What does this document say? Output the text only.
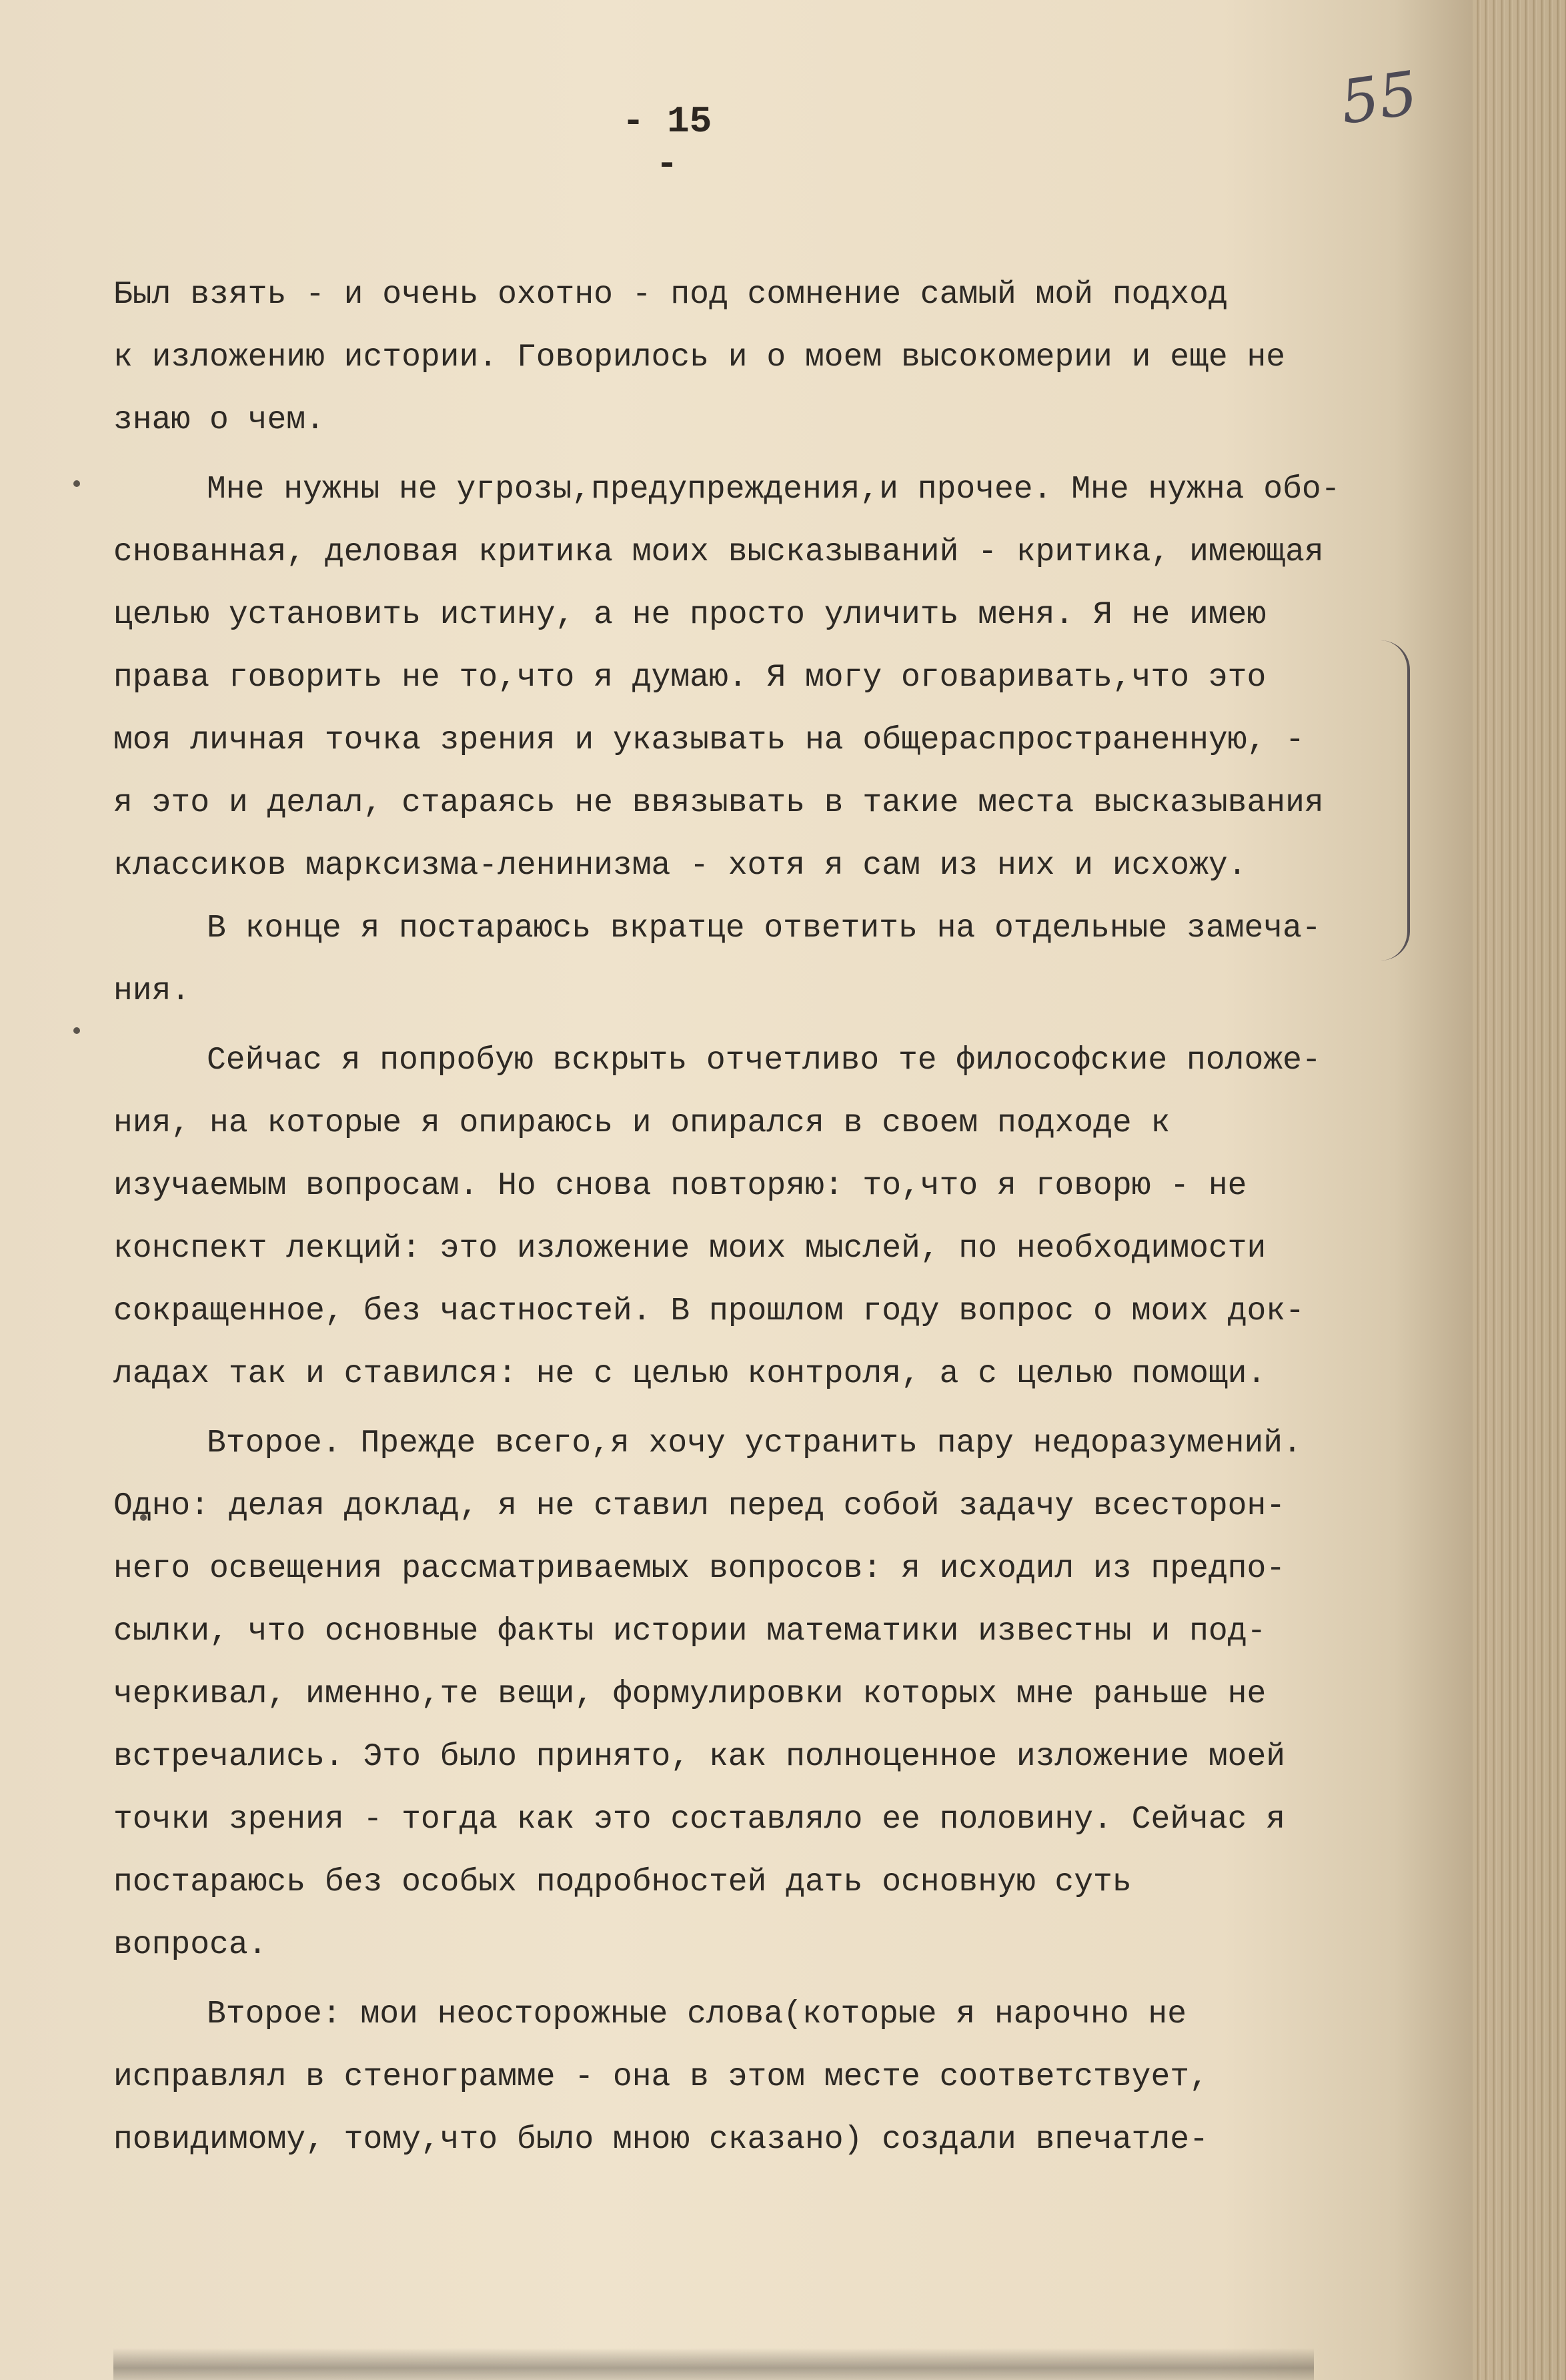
- 15 -
55

Был взять - и очень охотно - под сомнение самый мой подход

к изложению истории. Говорилось и о моем высокомерии и еще не

знаю о чем.

Мне нужны не угрозы,предупреждения,и прочее. Мне нужна обо-

снованная, деловая критика моих высказываний - критика, имеющая

целью установить истину, а не просто уличить меня. Я не имею

права говорить не то,что я думаю. Я могу оговаривать,что это

моя личная точка зрения и указывать на общераспространенную, -

я это и делал, стараясь не ввязывать в такие места высказывания

классиков марксизма-ленинизма - хотя я сам из них и исхожу.

В конце я постараюсь вкратце ответить на отдельные замеча-

ния.

Сейчас я попробую вскрыть отчетливо те философские положе-

ния, на которые я опираюсь и опирался в своем подходе к

изучаемым вопросам. Но снова повторяю: то,что я говорю - не

конспект лекций: это изложение моих мыслей, по необходимости

сокращенное, без частностей. В прошлом году вопрос о моих док-

ладах так и ставился: не с целью контроля, а с целью помощи.

Второе. Прежде всего,я хочу устранить пару недоразумений.

Одно: делая доклад, я не ставил перед собой задачу всесторон-

него освещения рассматриваемых вопросов: я исходил из предпо-

сылки, что основные факты истории математики известны и под-

черкивал, именно,те вещи, формулировки которых мне раньше не

встречались. Это было принято, как полноценное изложение моей

точки зрения - тогда как это составляло ее половину. Сейчас я

постараюсь без особых подробностей дать основную суть

вопроса.

Второе: мои неосторожные слова(которые я нарочно не

исправлял в стенограмме - она в этом месте соответствует,

повидимому, тому,что было мною сказано) создали впечатле-
